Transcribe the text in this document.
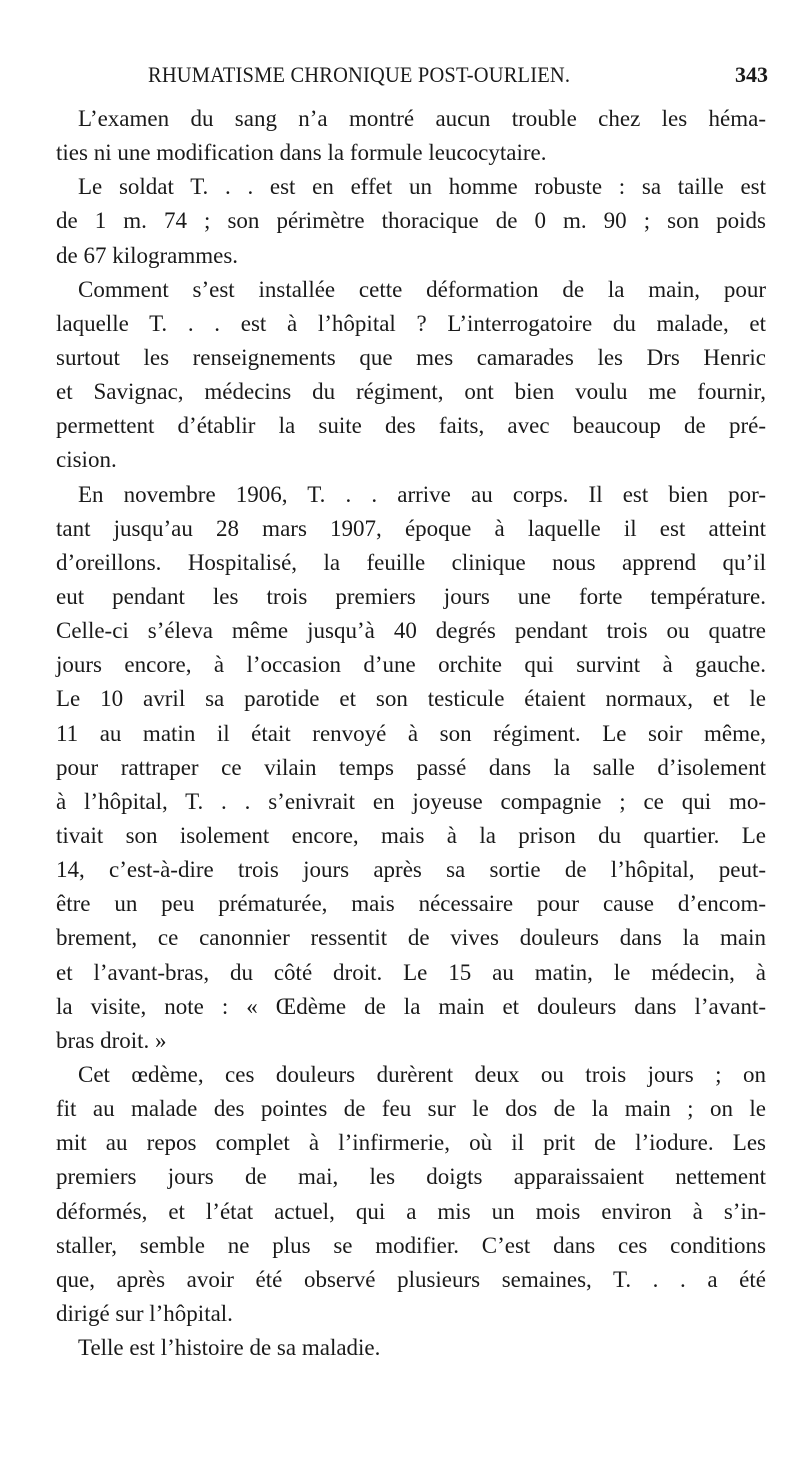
RHUMATISME CHRONIQUE POST-OURLIEN.	343
L’examen du sang n’a montré aucun trouble chez les héma-
ties ni une modification dans la formule leucocytaire.
Le soldat T. . . est en effet un homme robuste : sa taille est
de 1 m. 74 ; son périmètre thoracique de 0 m. 90 ; son poids
de 67 kilogrammes.
Comment s’est installée cette déformation de la main, pour
laquelle T. . . est à l’hôpital ? L’interrogatoire du malade, et
surtout les renseignements que mes camarades les Drs Henric
et Savignac, médecins du régiment, ont bien voulu me fournir,
permettent d’établir la suite des faits, avec beaucoup de pré-
cision.
En novembre 1906, T. . . arrive au corps. Il est bien por-
tant jusqu’au 28 mars 1907, époque à laquelle il est atteint
d’oreillons. Hospitalisé, la feuille clinique nous apprend qu’il
eut pendant les trois premiers jours une forte température.
Celle-ci s’éleva même jusqu’à 40 degrés pendant trois ou quatre
jours encore, à l’occasion d’une orchite qui survint à gauche.
Le 10 avril sa parotide et son testicule étaient normaux, et le
11 au matin il était renvoyé à son régiment. Le soir même,
pour rattraper ce vilain temps passé dans la salle d’isolement
à l’hôpital, T. . . s’enivrait en joyeuse compagnie ; ce qui mo-
tivait son isolement encore, mais à la prison du quartier. Le
14, c’est-à-dire trois jours après sa sortie de l’hôpital, peut-
être un peu prématurée, mais nécessaire pour cause d’encom-
brement, ce canonnier ressentit de vives douleurs dans la main
et l’avant-bras, du côté droit. Le 15 au matin, le médecin, à
la visite, note : « Œdème de la main et douleurs dans l’avant-
bras droit. »
Cet œdème, ces douleurs durèrent deux ou trois jours ; on
fit au malade des pointes de feu sur le dos de la main ; on le
mit au repos complet à l’infirmerie, où il prit de l’iodure. Les
premiers jours de mai, les doigts apparaissaient nettement
déformés, et l’état actuel, qui a mis un mois environ à s’in-
staller, semble ne plus se modifier. C’est dans ces conditions
que, après avoir été observé plusieurs semaines, T. . . a été
dirigé sur l’hôpital.
Telle est l’histoire de sa maladie.
